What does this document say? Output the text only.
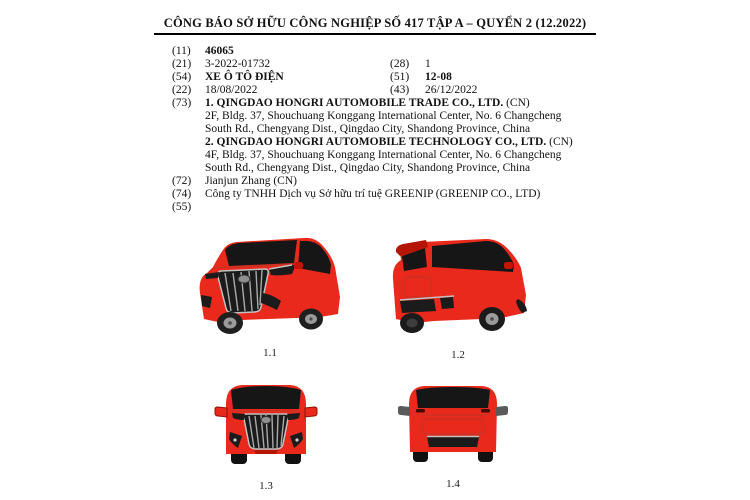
CÔNG BÁO SỞ HỮU CÔNG NGHIỆP SỐ 417 TẬP A – QUYỂN 2 (12.2022)
(11)	46065
(21)	3-2022-01732	(28)	1
(54)	XE Ô TÔ ĐIỆN	(51)	12-08
(22)	18/08/2022	(43)	26/12/2022
(73)	1. QINGDAO HONGRI AUTOMOBILE TRADE CO., LTD. (CN)
2F, Bldg. 37, Shouchuang Konggang International Center, No. 6 Changcheng
South Rd., Chengyang Dist., Qingdao City, Shandong Province, China
2. QINGDAO HONGRI AUTOMOBILE TECHNOLOGY CO., LTD. (CN)
4F, Bldg. 37, Shouchuang Konggang International Center, No. 6 Changcheng
South Rd., Chengyang Dist., Qingdao City, Shandong Province, China
(72)	Jianjun Zhang (CN)
(74)	Công ty TNHH Dịch vụ Sở hữu trí tuệ GREENIP (GREENIP CO., LTD)
(55)
1.1	1.2
1.3	1.4
